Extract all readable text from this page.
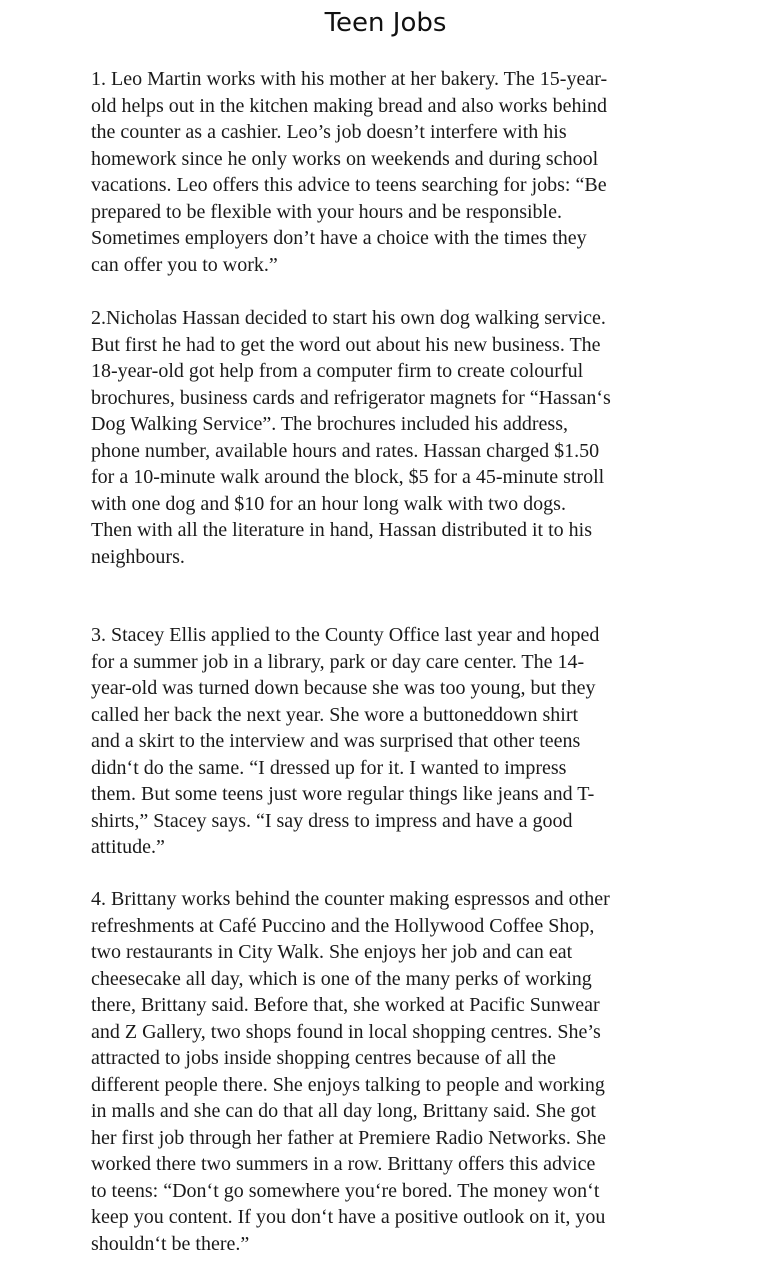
Teen Jobs

1. Leo Martin works with his mother at her bakery. The 15-year-
old helps out in the kitchen making bread and also works behind
the counter as a cashier. Leo’s job doesn’t interfere with his
homework since he only works on weekends and during school
vacations. Leo offers this advice to teens searching for jobs: “Be
prepared to be flexible with your hours and be responsible.
Sometimes employers don’t have a choice with the times they
can offer you to work.”

2.Nicholas Hassan decided to start his own dog walking service.
But first he had to get the word out about his new business. The
18-year-old got help from a computer firm to create colourful
brochures, business cards and refrigerator magnets for “Hassan‘s
Dog Walking Service”. The brochures included his address,
phone number, available hours and rates. Hassan charged $1.50
for a 10-minute walk around the block, $5 for a 45-minute stroll
with one dog and $10 for an hour long walk with two dogs.
Then with all the literature in hand, Hassan distributed it to his
neighbours.

3. Stacey Ellis applied to the County Office last year and hoped
for a summer job in a library, park or day care center. The 14-
year-old was turned down because she was too young, but they
called her back the next year. She wore a buttoneddown shirt
and a skirt to the interview and was surprised that other teens
didn‘t do the same. “I dressed up for it. I wanted to impress
them. But some teens just wore regular things like jeans and T-
shirts,” Stacey says. “I say dress to impress and have a good
attitude.”

4. Brittany works behind the counter making espressos and other
refreshments at Café Puccino and the Hollywood Coffee Shop,
two restaurants in City Walk. She enjoys her job and can eat
cheesecake all day, which is one of the many perks of working
there, Brittany said. Before that, she worked at Pacific Sunwear
and Z Gallery, two shops found in local shopping centres. She’s
attracted to jobs inside shopping centres because of all the
different people there. She enjoys talking to people and working
in malls and she can do that all day long, Brittany said. She got
her first job through her father at Premiere Radio Networks. She
worked there two summers in a row. Brittany offers this advice
to teens: “Don‘t go somewhere you‘re bored. The money won‘t
keep you content. If you don‘t have a positive outlook on it, you
shouldn‘t be there.”
